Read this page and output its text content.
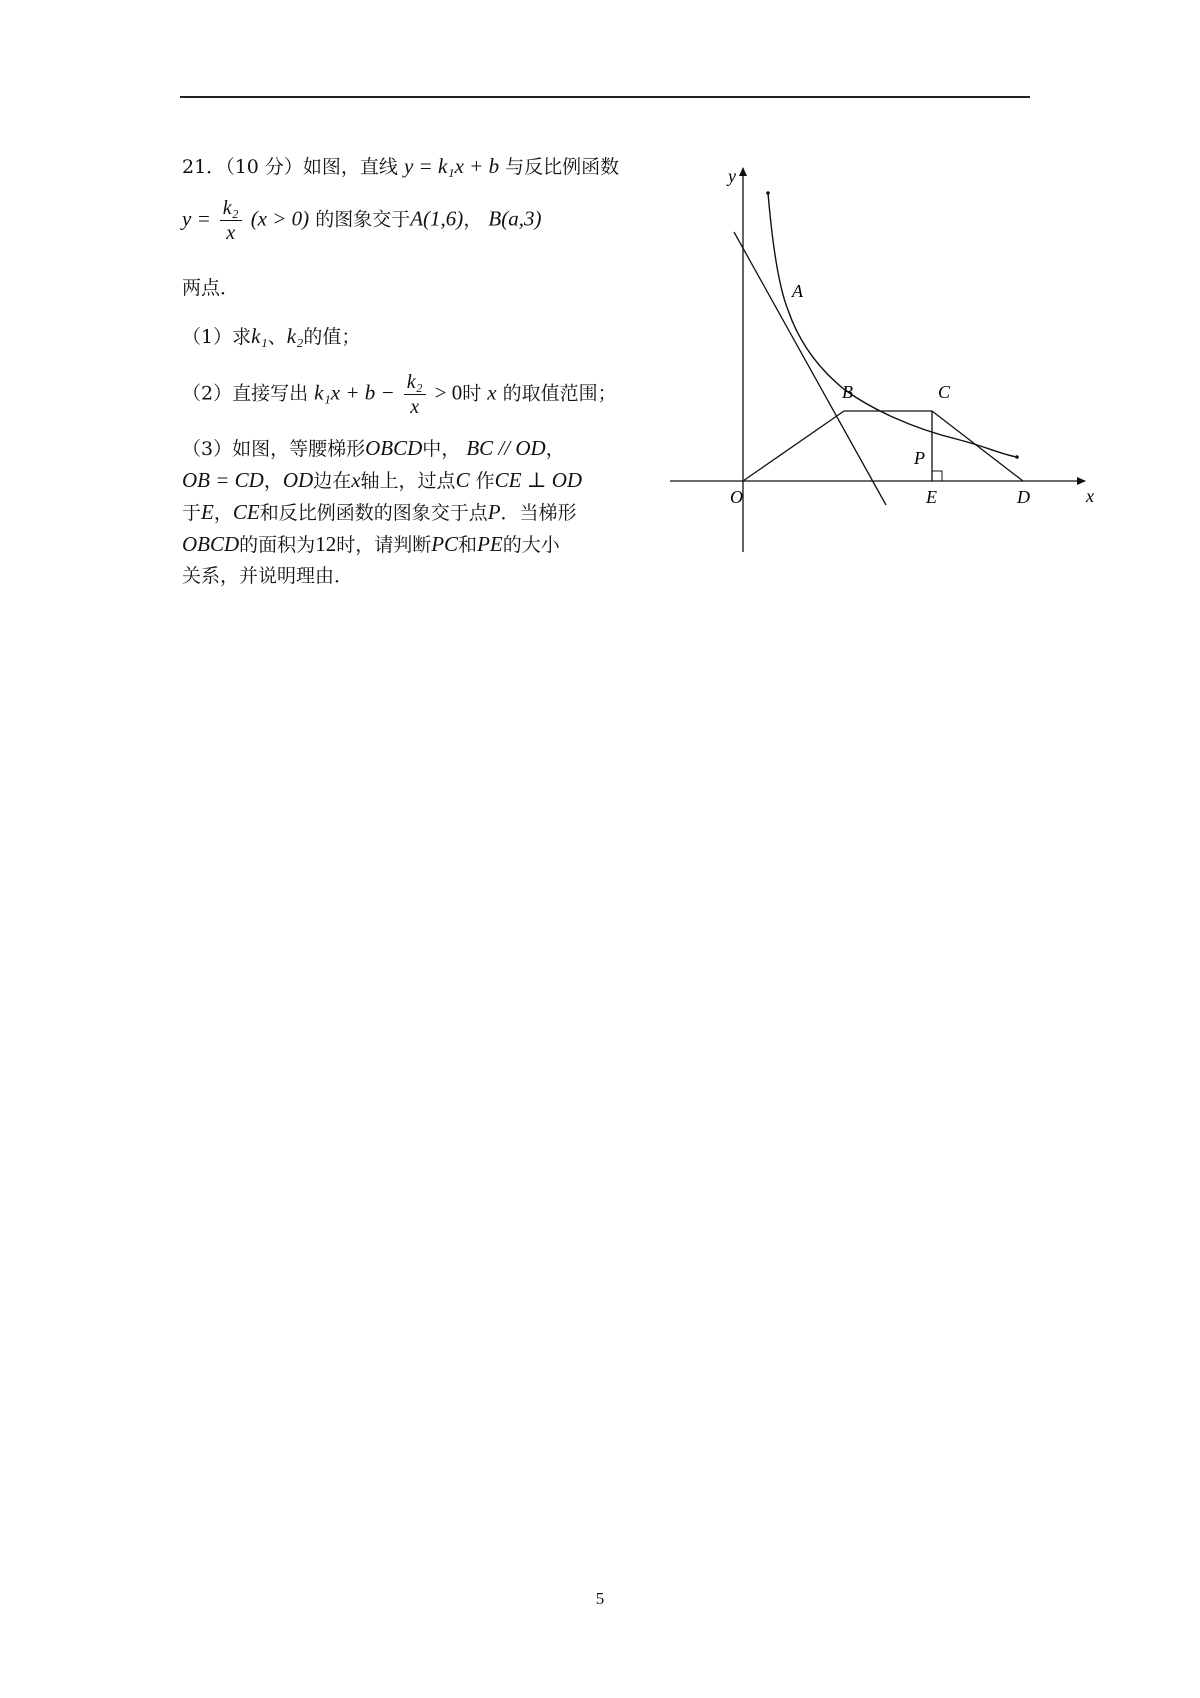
21．（10 分）如图，直线 y = k₁x + b 与反比例函数
$y = \frac{\text{k₂}}{x} (x > 0)$ 的图象交于A(1,6)， B(a,3)
两点．
（1）求k₁、k₂的值；
（2）直接写出 $k_1x + b - \frac{\text{k₂}}{x} > 0$时 x 的取值范围；
（3）如图，等腰梯形OBCD中， BC // OD，
OB = CD，OD边在x轴上，过点C 作CE ⊥ OD
于E，CE和反比例函数的图象交于点P．当梯形
OBCD的面积为12时，请判断PC和PE的大小
关系，并说明理由．
y
x
O
A
B	C
P
E	D
5
